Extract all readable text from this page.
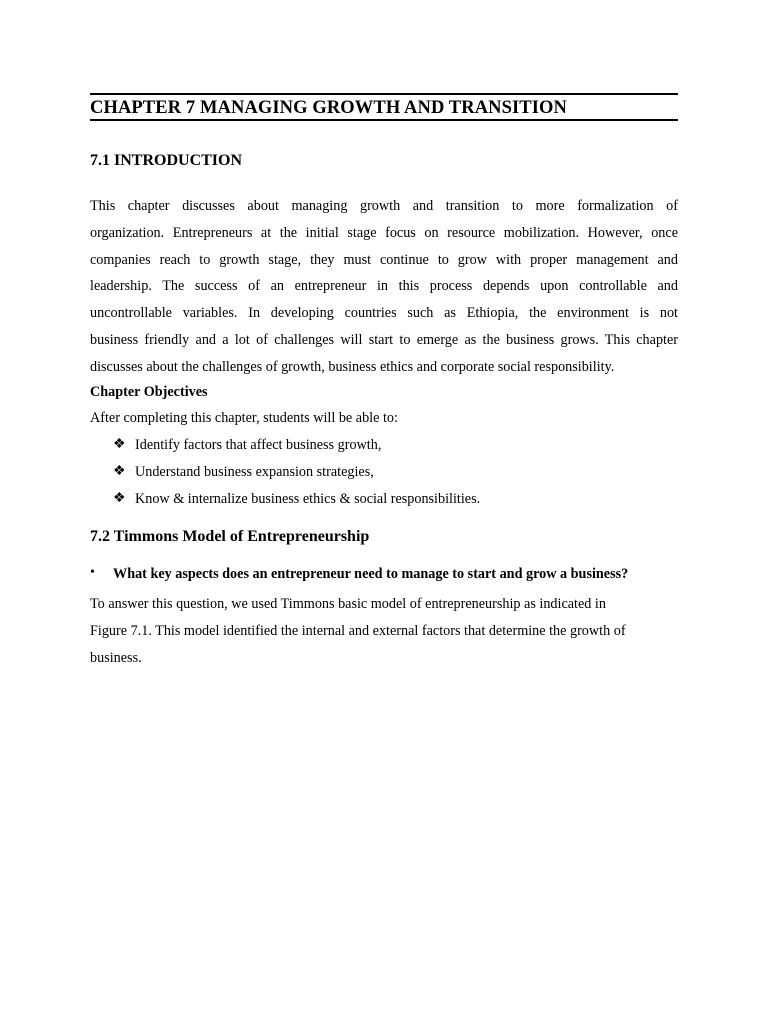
CHAPTER 7 MANAGING GROWTH AND TRANSITION
7.1 INTRODUCTION

This chapter discusses about managing growth and transition to more formalization of
organization. Entrepreneurs at the initial stage focus on resource mobilization. However, once
companies reach to growth stage, they must continue to grow with proper management and
leadership. The success of an entrepreneur in this process depends upon controllable and
uncontrollable variables. In developing countries such as Ethiopia, the environment is not
business friendly and a lot of challenges will start to emerge as the business grows. This chapter
discusses about the challenges of growth, business ethics and corporate social responsibility.

Chapter Objectives
After completing this chapter, students will be able to:
❖ Identify factors that affect business growth,
❖ Understand business expansion strategies,
❖ Know & internalize business ethics & social responsibilities.
7.2 Timmons Model of Entrepreneurship
• What key aspects does an entrepreneur need to manage to start and grow a business?

To answer this question, we used Timmons basic model of entrepreneurship as indicated in
Figure 7.1. This model identified the internal and external factors that determine the growth of
business.
